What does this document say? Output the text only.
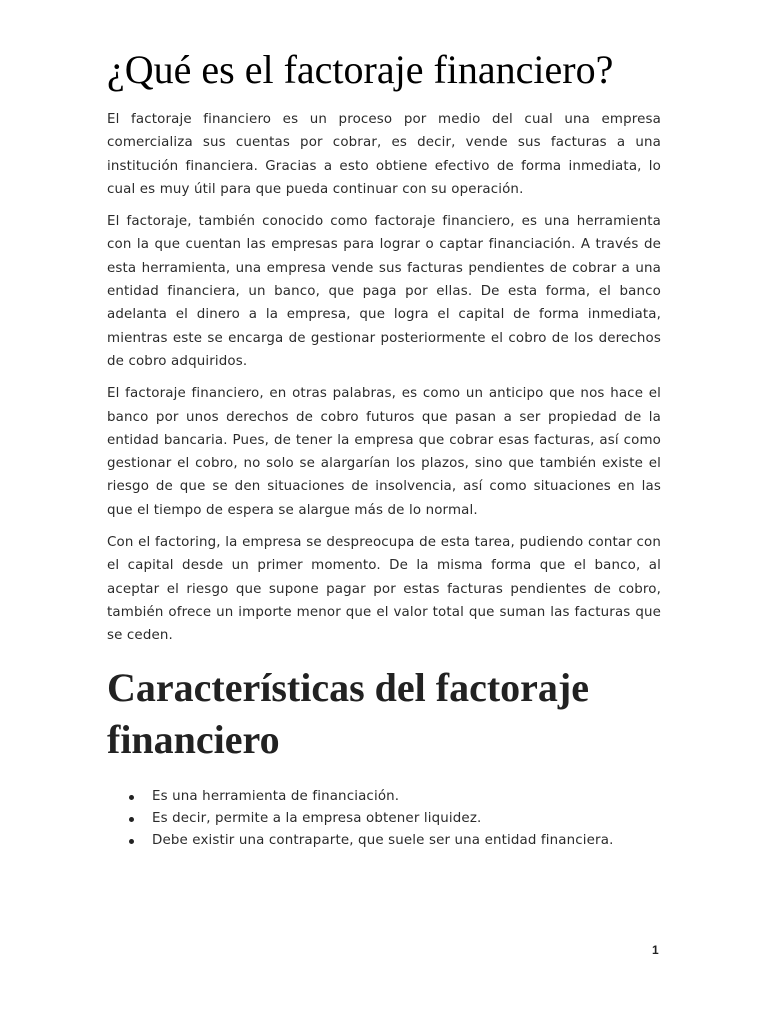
¿Qué es el factoraje financiero?

El factoraje financiero es un proceso por medio del cual una empresa comercializa sus cuentas por cobrar, es decir, vende sus facturas a una institución financiera. Gracias a esto obtiene efectivo de forma inmediata, lo cual es muy útil para que pueda continuar con su operación.

El factoraje, también conocido como factoraje financiero, es una herramienta con la que cuentan las empresas para lograr o captar financiación. A través de esta herramienta, una empresa vende sus facturas pendientes de cobrar a una entidad financiera, un banco, que paga por ellas. De esta forma, el banco adelanta el dinero a la empresa, que logra el capital de forma inmediata, mientras este se encarga de gestionar posteriormente el cobro de los derechos de cobro adquiridos.

El factoraje financiero, en otras palabras, es como un anticipo que nos hace el banco por unos derechos de cobro futuros que pasan a ser propiedad de la entidad bancaria. Pues, de tener la empresa que cobrar esas facturas, así como gestionar el cobro, no solo se alargarían los plazos, sino que también existe el riesgo de que se den situaciones de insolvencia, así como situaciones en las que el tiempo de espera se alargue más de lo normal.

Con el factoring, la empresa se despreocupa de esta tarea, pudiendo contar con el capital desde un primer momento. De la misma forma que el banco, al aceptar el riesgo que supone pagar por estas facturas pendientes de cobro, también ofrece un importe menor que el valor total que suman las facturas que se ceden.

Características del factoraje financiero
Es una herramienta de financiación.
Es decir, permite a la empresa obtener liquidez.
Debe existir una contraparte, que suele ser una entidad financiera.
1
